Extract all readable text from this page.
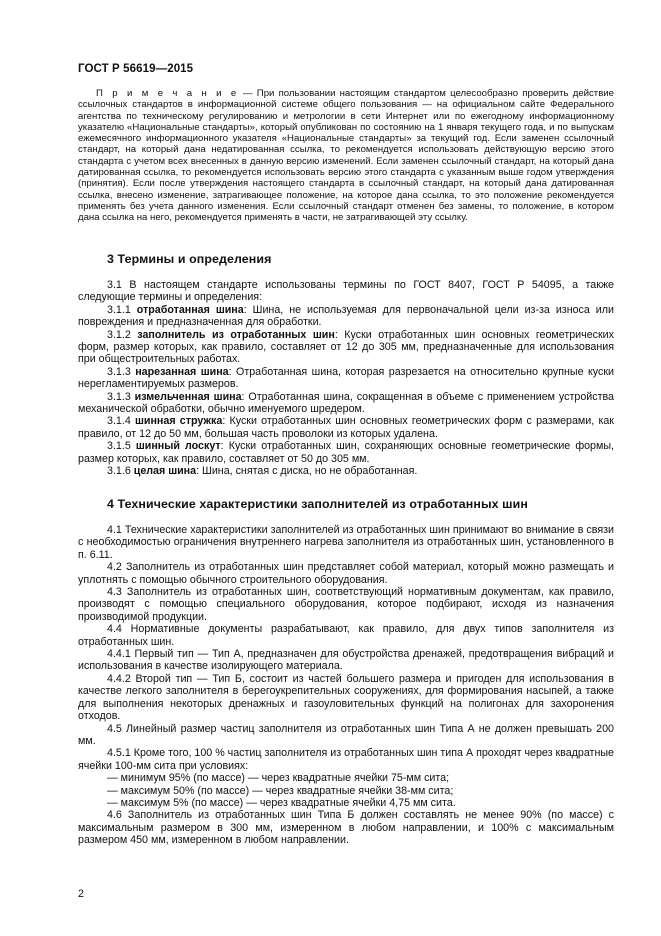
ГОСТ Р 56619—2015

П р и м е ч а н и е — При пользовании настоящим стандартом целесообразно проверить действие ссылочных стандартов в информационной системе общего пользования — на официальном сайте Федерального агентства по техническому регулированию и метрологии в сети Интернет или по ежегодному информационному указателю «Национальные стандарты», который опубликован по состоянию на 1 января текущего года, и по выпускам ежемесячного информационного указателя «Национальные стандарты» за текущий год. Если заменен ссылочный стандарт, на который дана недатированная ссылка, то рекомендуется использовать действующую версию этого стандарта с учетом всех внесенных в данную версию изменений. Если заменен ссылочный стандарт, на который дана датированная ссылка, то рекомендуется использовать версию этого стандарта с указанным выше годом утверждения (принятия). Если после утверждения настоящего стандарта в ссылочный стандарт, на который дана датированная ссылка, внесено изменение, затрагивающее положение, на которое дана ссылка, то это положение рекомендуется применять без учета данного изменения. Если ссылочный стандарт отменен без замены, то положение, в котором дана ссылка на него, рекомендуется применять в части, не затрагивающей эту ссылку.

3 Термины и определения

3.1 В настоящем стандарте использованы термины по ГОСТ 8407, ГОСТ Р 54095, а также следующие термины и определения:

3.1.1 отработанная шина: Шина, не используемая для первоначальной цели из-за износа или повреждения и предназначенная для обработки.

3.1.2 заполнитель из отработанных шин: Куски отработанных шин основных геометрических форм, размер которых, как правило, составляет от 12 до 305 мм, предназначенные для использования при общестроительных работах.

3.1.3 нарезанная шина: Отработанная шина, которая разрезается на относительно крупные куски нерегламентируемых размеров.

3.1.3 измельченная шина: Отработанная шина, сокращенная в объеме с применением устройства механической обработки, обычно именуемого шредером.

3.1.4 шинная стружка: Куски отработанных шин основных геометрических форм с размерами, как правило, от 12 до 50 мм, большая часть проволоки из которых удалена.

3.1.5 шинный лоскут: Куски отработанных шин, сохраняющих основные геометрические формы, размер которых, как правило, составляет от 50 до 305 мм.

3.1.6 целая шина: Шина, снятая с диска, но не обработанная.

4 Технические характеристики заполнителей из отработанных шин

4.1 Технические характеристики заполнителей из отработанных шин принимают во внимание в связи с необходимостью ограничения внутреннего нагрева заполнителя из отработанных шин, установленного в п. 6.11.

4.2 Заполнитель из отработанных шин представляет собой материал, который можно размещать и уплотнять с помощью обычного строительного оборудования.

4.3 Заполнитель из отработанных шин, соответствующий нормативным документам, как правило, производят с помощью специального оборудования, которое подбирают, исходя из назначения производимой продукции.

4.4 Нормативные документы разрабатывают, как правило, для двух типов заполнителя из отработанных шин.

4.4.1 Первый тип — Тип А, предназначен для обустройства дренажей, предотвращения вибраций и использования в качестве изолирующего материала.

4.4.2 Второй тип — Тип Б, состоит из частей большего размера и пригоден для использования в качестве легкого заполнителя в берегоукрепительных сооружениях, для формирования насыпей, а также для выполнения некоторых дренажных и газоуловительных функций на полигонах для захоронения отходов.

4.5 Линейный размер частиц заполнителя из отработанных шин Типа А не должен превышать 200 мм.

4.5.1 Кроме того, 100 % частиц заполнителя из отработанных шин типа А проходят через квадратные ячейки 100-мм сита при условиях:

— минимум 95% (по массе) — через квадратные ячейки 75-мм сита;

— максимум 50% (по массе) — через квадратные ячейки 38-мм сита;

— максимум 5% (по массе) — через квадратные ячейки 4,75 мм сита.

4.6 Заполнитель из отработанных шин Типа Б должен составлять не менее 90% (по массе) с максимальным размером в 300 мм, измеренном в любом направлении, и 100% с максимальным размером 450 мм, измеренном в любом направлении.

2
